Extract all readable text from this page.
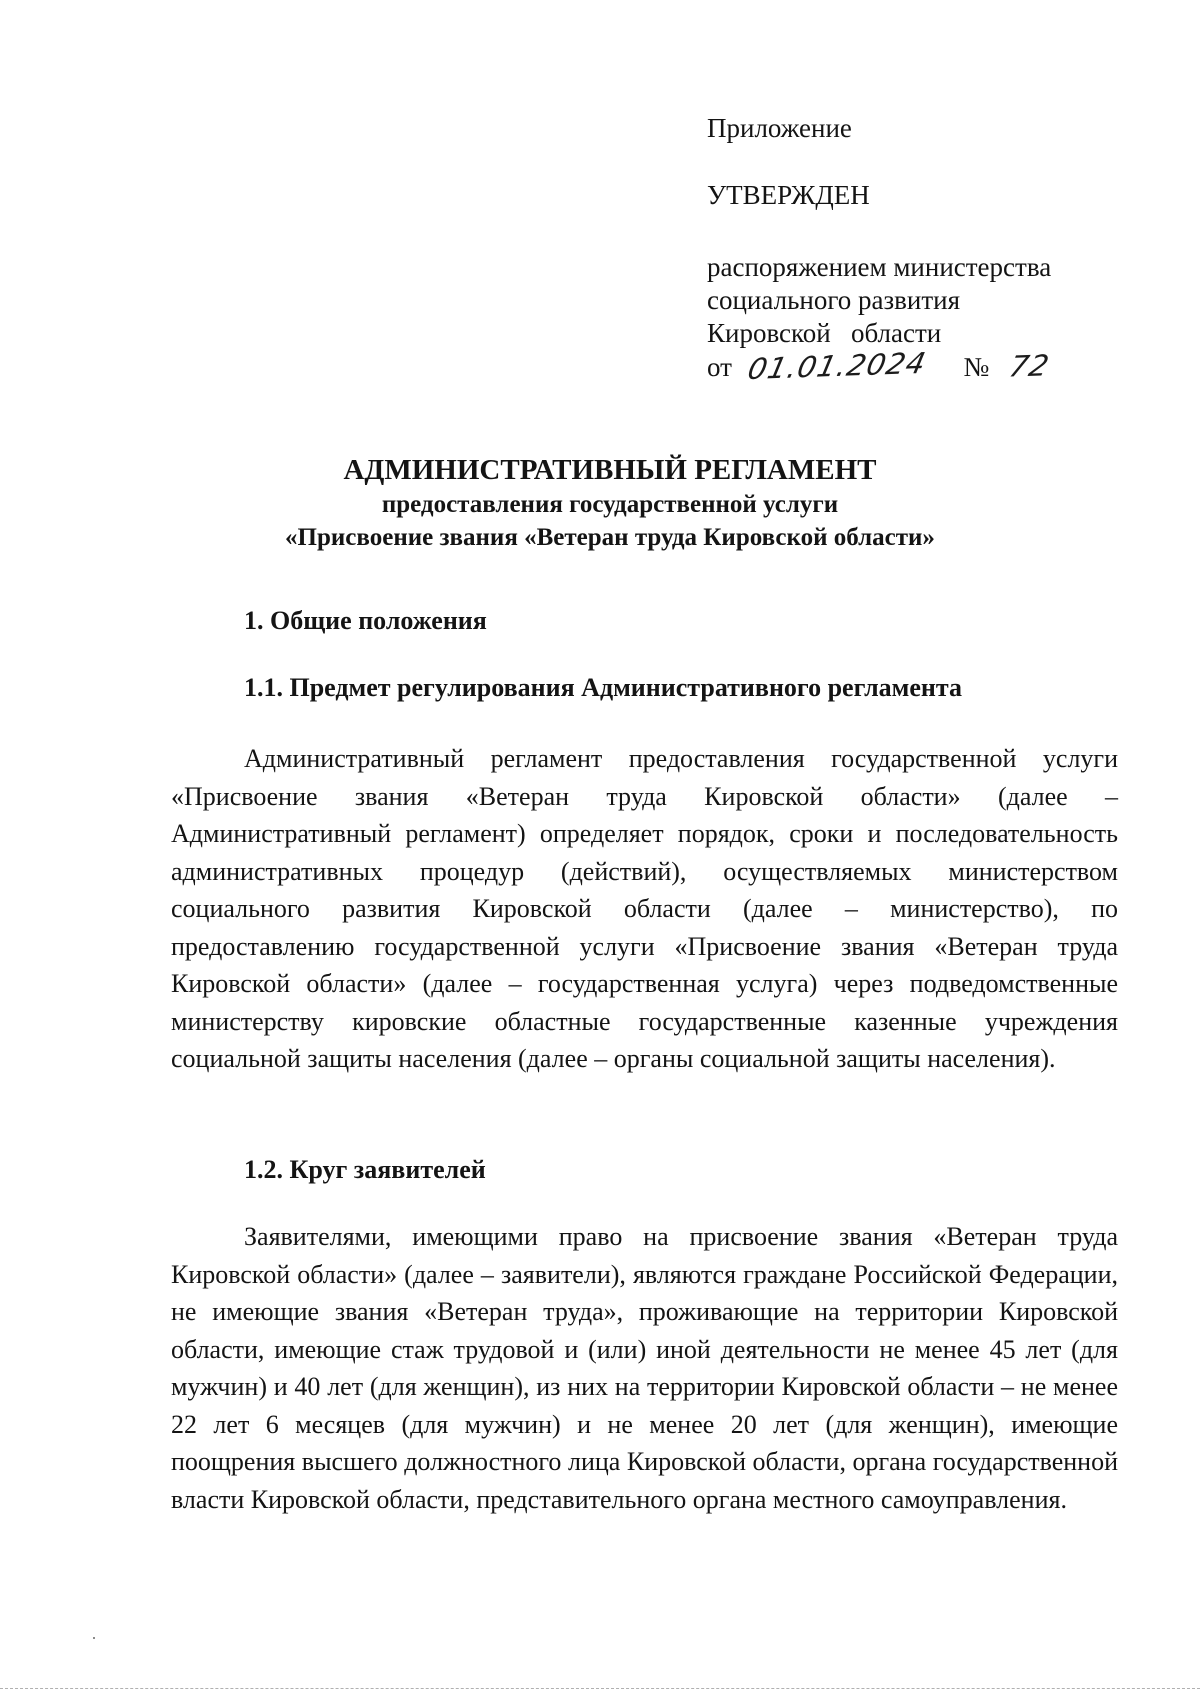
Приложение
УТВЕРЖДЕН
распоряжением министерства
социального развития
Кировской   области
от 01.01.2024 № 72
АДМИНИСТРАТИВНЫЙ РЕГЛАМЕНТ
предоставления государственной услуги
«Присвоение звания «Ветеран труда Кировской области»
1. Общие положения
1.1. Предмет регулирования Административного регламента

Административный регламент предоставления государственной услуги «Присвоение звания «Ветеран труда Кировской области» (далее – Административный регламент) определяет порядок, сроки и последовательность административных процедур (действий), осуществляемых министерством социального развития Кировской области (далее – министерство), по предоставлению государственной услуги «Присвоение звания «Ветеран труда Кировской области» (далее – государственная услуга) через подведомственные министерству кировские областные государственные казенные учреждения социальной защиты населения (далее – органы социальной защиты населения).

1.2. Круг заявителей

Заявителями, имеющими право на присвоение звания «Ветеран труда Кировской области» (далее – заявители), являются граждане Российской Федерации, не имеющие звания «Ветеран труда», проживающие на территории Кировской области, имеющие стаж трудовой и (или) иной деятельности не менее 45 лет (для мужчин) и 40 лет (для женщин), из них на территории Кировской области – не менее 22 лет 6 месяцев (для мужчин) и не менее 20 лет (для женщин), имеющие поощрения высшего должностного лица Кировской области, органа государственной власти Кировской области, представительного органа местного самоуправления.
